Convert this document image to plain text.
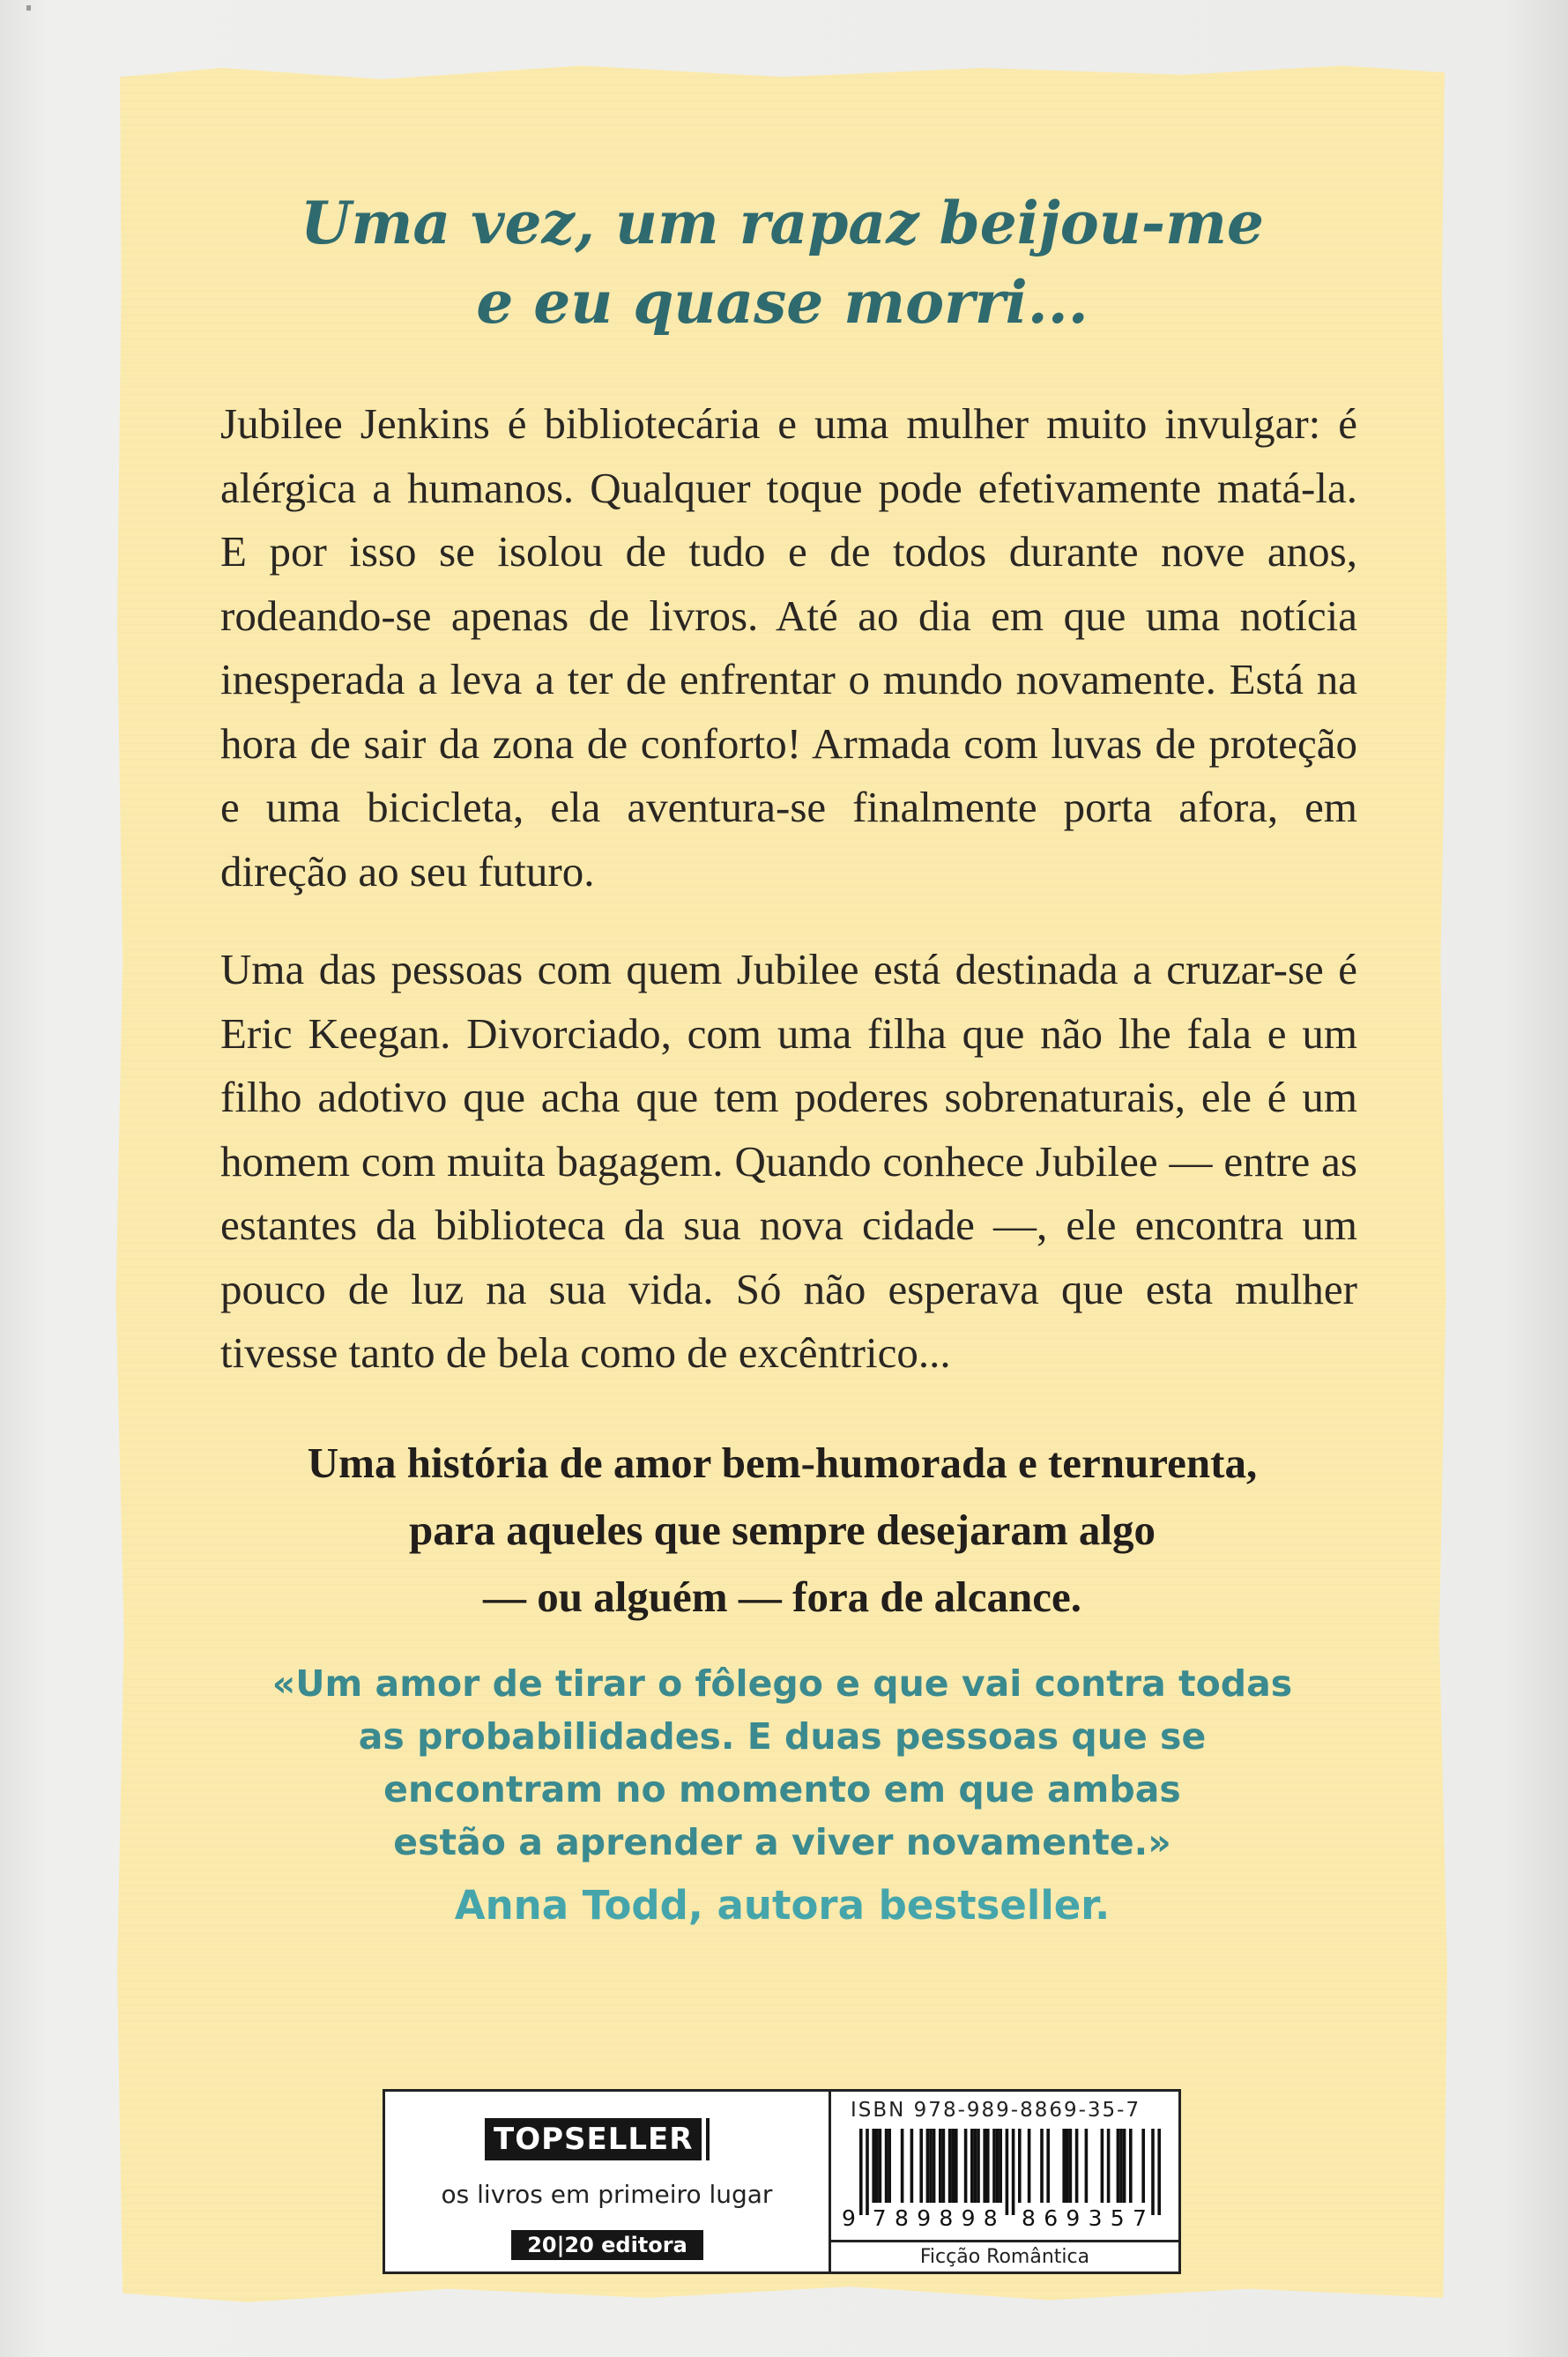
Uma vez, um rapaz beijou-me
e eu quase morri...

Jubilee Jenkins é bibliotecária e uma mulher muito invulgar: é alérgica a humanos. Qualquer toque pode efetivamente matá-la. E por isso se isolou de tudo e de todos durante nove anos, rodeando-se apenas de livros. Até ao dia em que uma notícia inesperada a leva a ter de enfrentar o mundo novamente. Está na hora de sair da zona de conforto! Armada com luvas de proteção e uma bicicleta, ela aventura-se finalmente porta afora, em direção ao seu futuro.

Uma das pessoas com quem Jubilee está destinada a cruzar-se é Eric Keegan. Divorciado, com uma filha que não lhe fala e um filho adotivo que acha que tem poderes sobrenaturais, ele é um homem com muita bagagem. Quando conhece Jubilee — entre as estantes da biblioteca da sua nova cidade —, ele encontra um pouco de luz na sua vida. Só não esperava que esta mulher tivesse tanto de bela como de excêntrico...

Uma história de amor bem-humorada e ternurenta,
para aqueles que sempre desejaram algo
— ou alguém — fora de alcance.

«Um amor de tirar o fôlego e que vai contra todas
as probabilidades. E duas pessoas que se
encontram no momento em que ambas
estão a aprender a viver novamente.»

Anna Todd, autora bestseller.

TOPSELLER
os livros em primeiro lugar
20|20 editora
ISBN 978-989-8869-35-7
9 7 8 9 8 9 8 8 6 9 3 5 7
Ficção Romântica
